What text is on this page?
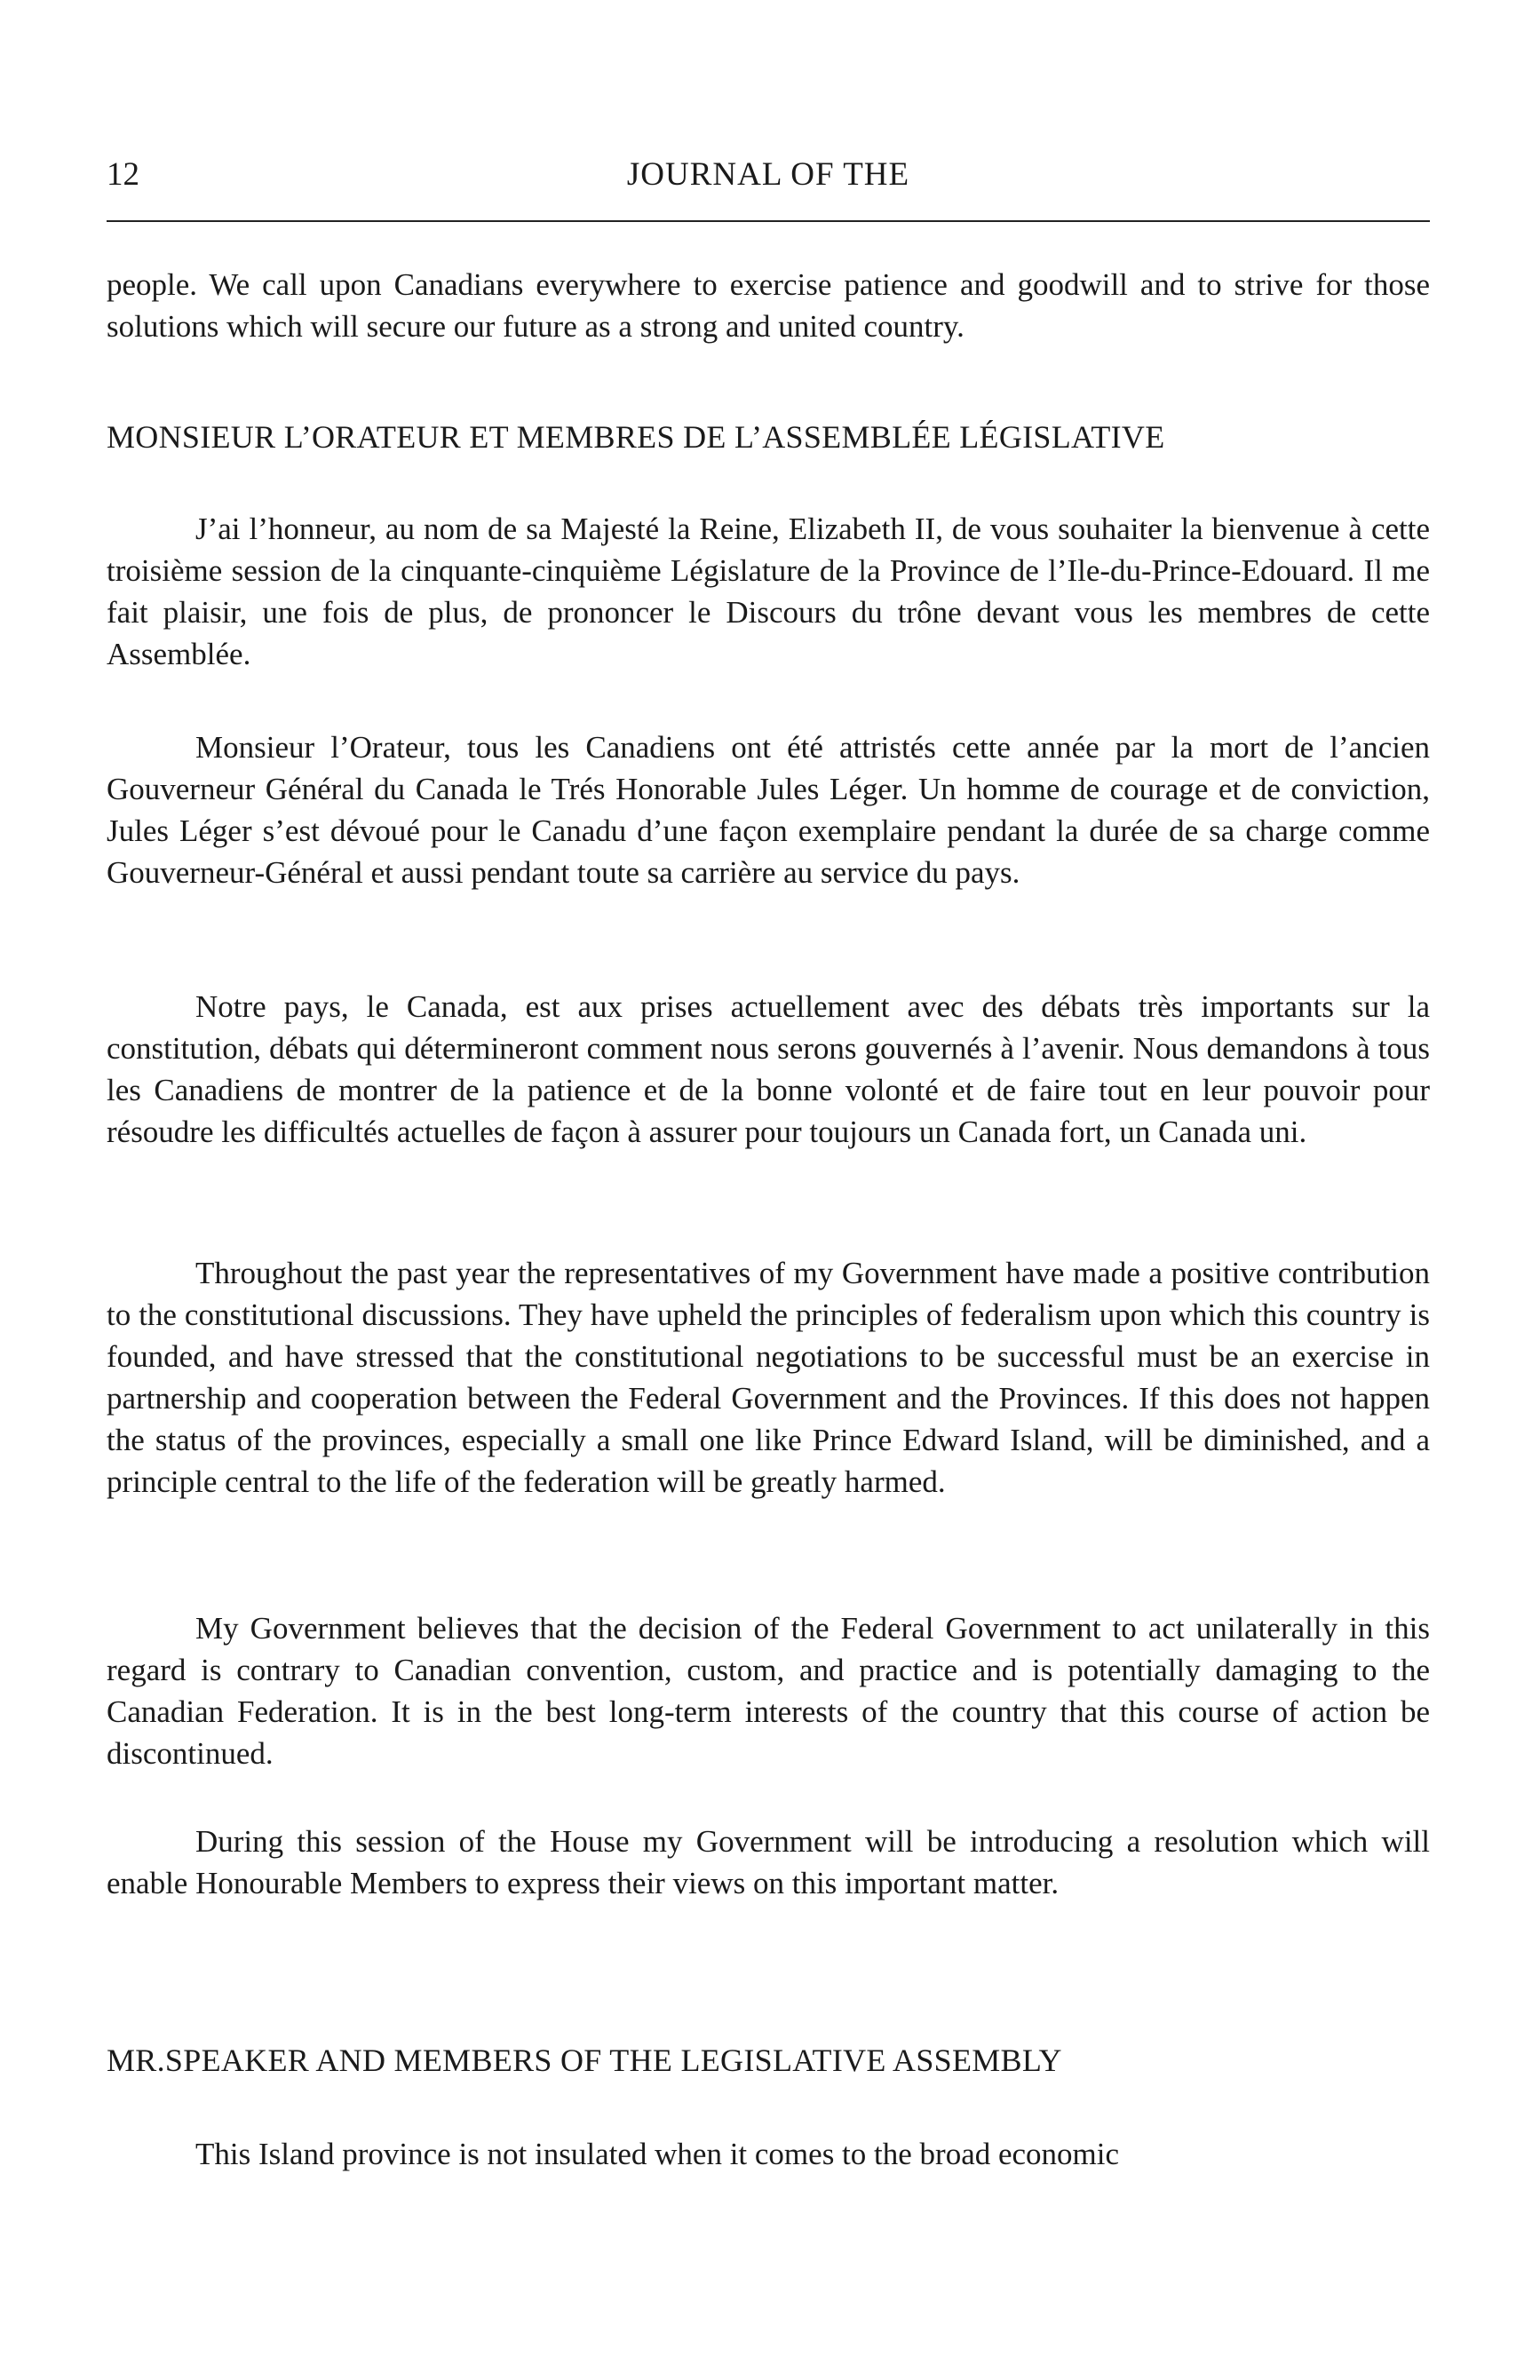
12	JOURNAL OF THE

people. We call upon Canadians everywhere to exercise patience and goodwill and to strive for those solutions which will secure our future as a strong and united country.

MONSIEUR L’ORATEUR ET MEMBRES DE L’ASSEMBLÉE LÉGISLATIVE

J’ai l’honneur, au nom de sa Majesté la Reine, Elizabeth II, de vous souhaiter la bienvenue à cette troisième session de la cinquante-cinquième Législature de la Province de l’Ile-du-Prince-Edouard. Il me fait plaisir, une fois de plus, de prononcer le Discours du trône devant vous les membres de cette Assemblée.

Monsieur l’Orateur, tous les Canadiens ont été attristés cette année par la mort de l’ancien Gouverneur Général du Canada le Trés Honorable Jules Léger. Un homme de courage et de conviction, Jules Léger s’est dévoué pour le Canadu d’une façon exemplaire pendant la durée de sa charge comme Gouverneur-Général et aussi pendant toute sa carrière au service du pays.

Notre pays, le Canada, est aux prises actuellement avec des débats très importants sur la constitution, débats qui détermineront comment nous serons gouvernés à l’avenir. Nous demandons à tous les Canadiens de montrer de la patience et de la bonne volonté et de faire tout en leur pouvoir pour résoudre les difficultés actuelles de façon à assurer pour toujours un Canada fort, un Canada uni.

Throughout the past year the representatives of my Government have made a positive contribution to the constitutional discussions. They have upheld the principles of federalism upon which this country is founded, and have stressed that the constitutional negotiations to be successful must be an exercise in partnership and cooperation between the Federal Government and the Provinces. If this does not happen the status of the provinces, especially a small one like Prince Edward Island, will be diminished, and a principle central to the life of the federation will be greatly harmed.

My Government believes that the decision of the Federal Government to act unilaterally in this regard is contrary to Canadian convention, custom, and practice and is potentially damaging to the Canadian Federation. It is in the best long-term interests of the country that this course of action be discontinued.

During this session of the House my Government will be introducing a resolution which will enable Honourable Members to express their views on this important matter.

MR.SPEAKER AND MEMBERS OF THE LEGISLATIVE ASSEMBLY

This Island province is not insulated when it comes to the broad economic
